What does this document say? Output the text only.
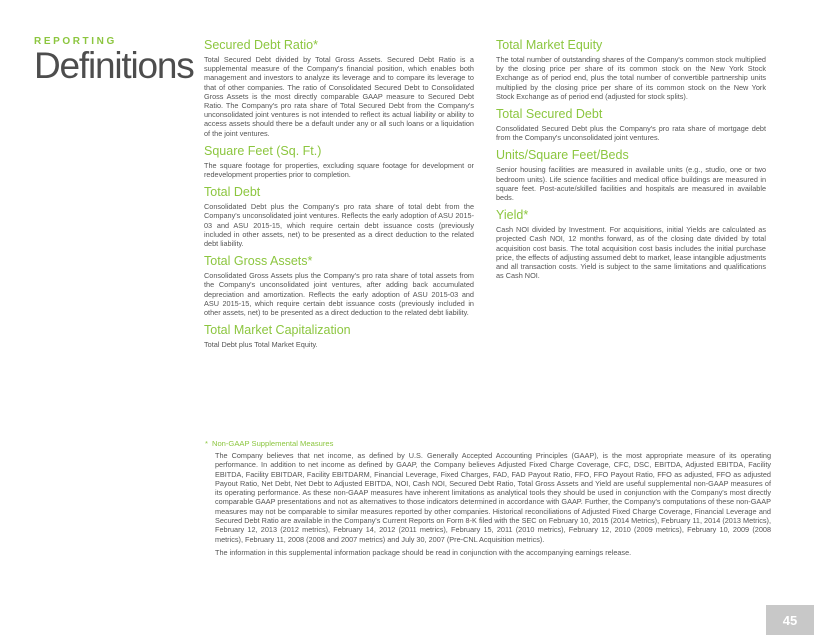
REPORTING
Definitions Secured Debt Ratio*

Total Secured Debt divided by Total Gross Assets. Secured Debt Ratio is a supplemental measure of the Company's financial position, which enables both management and investors to analyze its leverage and to compare its leverage to that of other companies. The ratio of Consolidated Secured Debt to Consolidated Gross Assets is the most directly comparable GAAP measure to Secured Debt Ratio. The Company's pro rata share of Total Secured Debt from the Company's unconsolidated joint ventures is not intended to reflect its actual liability or ability to access assets should there be a default under any or all such loans or a liquidation of the joint ventures.

Square Feet (Sq. Ft.)

The square footage for properties, excluding square footage for development or redevelopment properties prior to completion.

Total Debt

Consolidated Debt plus the Company's pro rata share of total debt from the Company's unconsolidated joint ventures. Reflects the early adoption of ASU 2015-03 and ASU 2015-15, which require certain debt issuance costs (previously included in other assets, net) to be presented as a direct deduction to the related debt liability.

Total Gross Assets*

Consolidated Gross Assets plus the Company's pro rata share of total assets from the Company's unconsolidated joint ventures, after adding back accumulated depreciation and amortization. Reflects the early adoption of ASU 2015-03 and ASU 2015-15, which require certain debt issuance costs (previously included in other assets, net) to be presented as a direct deduction to the related debt liability.

Total Market Capitalization

Total Debt plus Total Market Equity.

Total Market Equity

The total number of outstanding shares of the Company's common stock multiplied by the closing price per share of its common stock on the New York Stock Exchange as of period end, plus the total number of convertible partnership units multiplied by the closing price per share of its common stock on the New York Stock Exchange as of period end (adjusted for stock splits).

Total Secured Debt

Consolidated Secured Debt plus the Company's pro rata share of mortgage debt from the Company's unconsolidated joint ventures.

Units/Square Feet/Beds

Senior housing facilities are measured in available units (e.g., studio, one or two bedroom units). Life science facilities and medical office buildings are measured in square feet. Post-acute/skilled facilities and hospitals are measured in available beds.

Yield*

Cash NOI divided by Investment. For acquisitions, initial Yields are calculated as projected Cash NOI, 12 months forward, as of the closing date divided by total acquisition cost basis. The total acquisition cost basis includes the initial purchase price, the effects of adjusting assumed debt to market, lease intangible adjustments and all transaction costs. Yield is subject to the same limitations and qualifications as Cash NOI.

* Non-GAAP Supplemental Measures

The Company believes that net income, as defined by U.S. Generally Accepted Accounting Principles (GAAP), is the most appropriate measure of its operating performance. In addition to net income as defined by GAAP, the Company believes Adjusted Fixed Charge Coverage, CFC, DSC, EBITDA, Adjusted EBITDA, Facility EBITDA, Facility EBITDAR, Facility EBITDARM, Financial Leverage, Fixed Charges, FAD, FAD Payout Ratio, FFO, FFO Payout Ratio, FFO as adjusted, FFO as adjusted Payout Ratio, Net Debt, Net Debt to Adjusted EBITDA, NOI, Cash NOI, Secured Debt Ratio, Total Gross Assets and Yield are useful supplemental non-GAAP measures of its operating performance. As these non-GAAP measures have inherent limitations as analytical tools they should be used in conjunction with the Company's most directly comparable GAAP presentations and not as alternatives to those indicators determined in accordance with GAAP. Further, the Company's computations of these non-GAAP measures may not be comparable to similar measures reported by other companies. Historical reconciliations of Adjusted Fixed Charge Coverage, Financial Leverage and Secured Debt Ratio are available in the Company's Current Reports on Form 8-K filed with the SEC on February 10, 2015 (2014 Metrics), February 11, 2014 (2013 Metrics), February 12, 2013 (2012 metrics), February 14, 2012 (2011 metrics), February 15, 2011 (2010 metrics), February 12, 2010 (2009 metrics), February 10, 2009 (2008 metrics), February 11, 2008 (2008 and 2007 metrics) and July 30, 2007 (Pre-CNL Acquisition metrics).

The information in this supplemental information package should be read in conjunction with the accompanying earnings release.

45
